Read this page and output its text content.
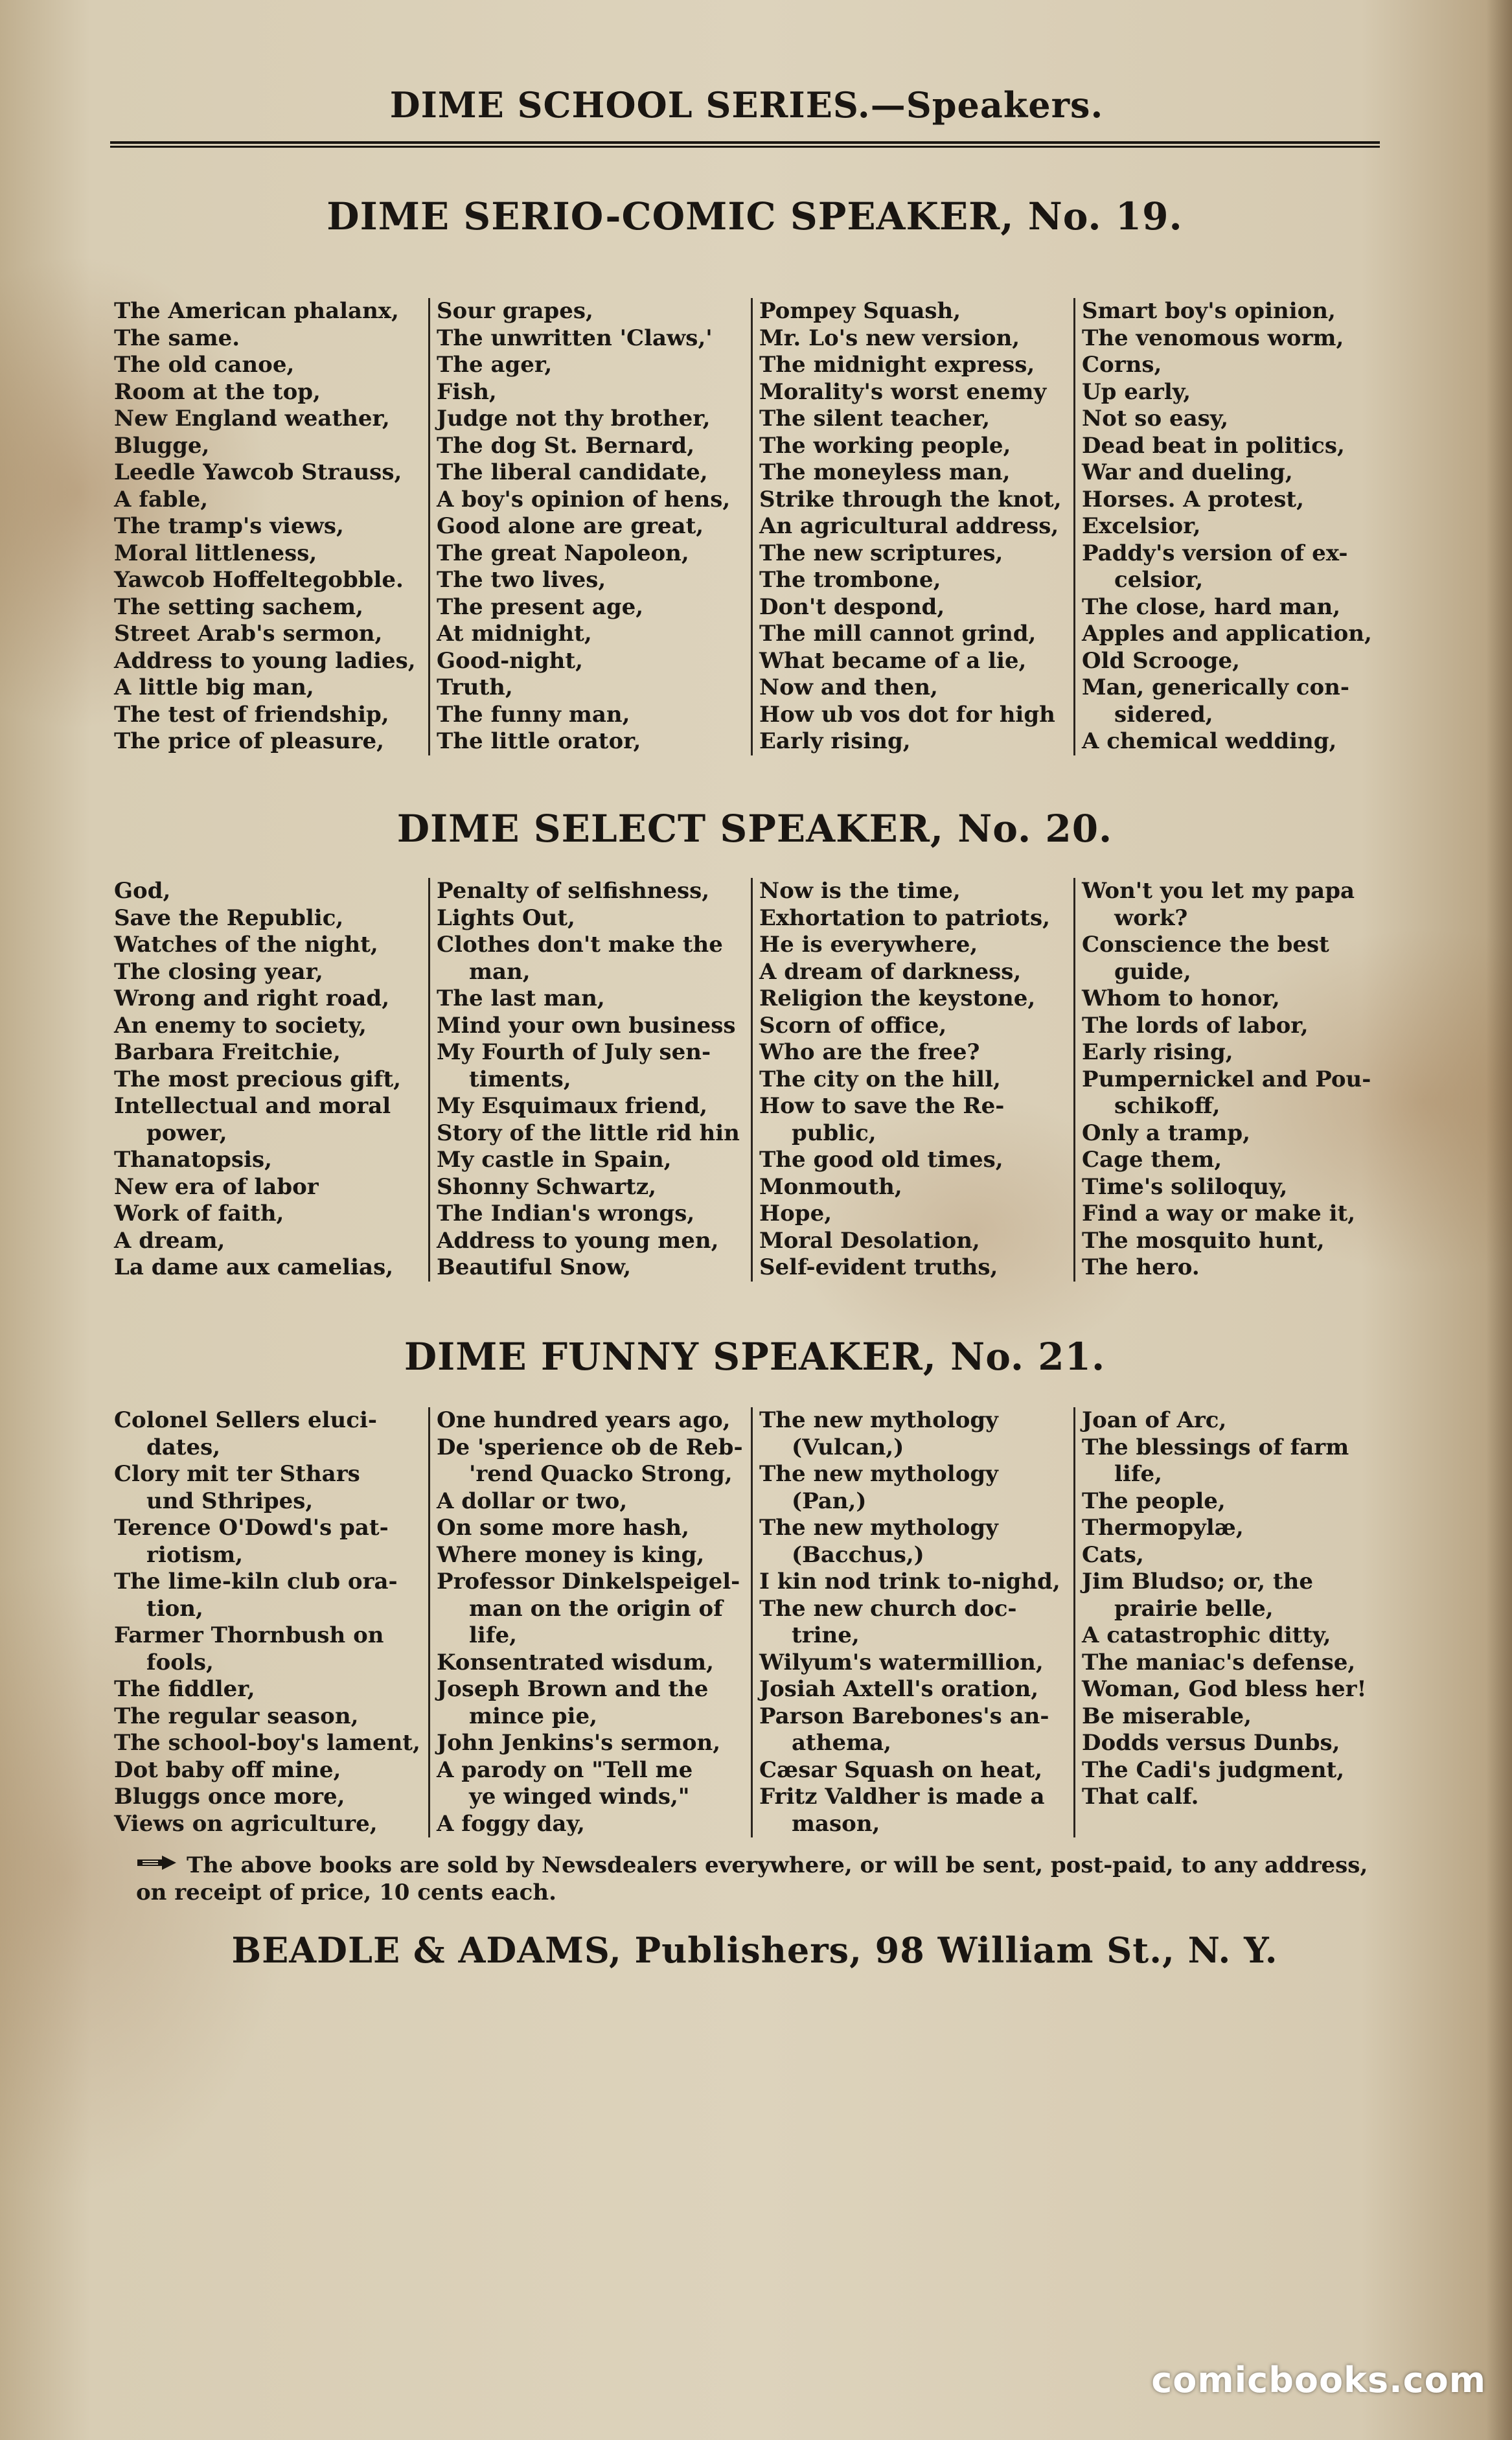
DIME SCHOOL SERIES.—Speakers.
DIME SERIO-COMIC SPEAKER, No. 19.
The American phalanx,
The same.
The old canoe,
Room at the top,
New England weather,
Blugge,
Leedle Yawcob Strauss,
A fable,
The tramp's views,
Moral littleness,
Yawcob Hoffeltegobble.
The setting sachem,
Street Arab's sermon,
Address to young ladies,
A little big man,
The test of friendship,
The price of pleasure,
Sour grapes,
The unwritten 'Claws,'
The ager,
Fish,
Judge not thy brother,
The dog St. Bernard,
The liberal candidate,
A boy's opinion of hens,
Good alone are great,
The great Napoleon,
The two lives,
The present age,
At midnight,
Good-night,
Truth,
The funny man,
The little orator,
Pompey Squash,
Mr. Lo's new version,
The midnight express,
Morality's worst enemy
The silent teacher,
The working people,
The moneyless man,
Strike through the knot,
An agricultural address,
The new scriptures,
The trombone,
Don't despond,
The mill cannot grind,
What became of a lie,
Now and then,
How ub vos dot for high
Early rising,
Smart boy's opinion,
The venomous worm,
Corns,
Up early,
Not so easy,
Dead beat in politics,
War and dueling,
Horses. A protest,
Excelsior,
Paddy's version of ex-
celsior,
The close, hard man,
Apples and application,
Old Scrooge,
Man, generically con-
sidered,
A chemical wedding,
DIME SELECT SPEAKER, No. 20.
God,
Save the Republic,
Watches of the night,
The closing year,
Wrong and right road,
An enemy to society,
Barbara Freitchie,
The most precious gift,
Intellectual and moral
power,
Thanatopsis,
New era of labor
Work of faith,
A dream,
La dame aux camelias,
Penalty of selfishness,
Lights Out,
Clothes don't make the
man,
The last man,
Mind your own business
My Fourth of July sen-
timents,
My Esquimaux friend,
Story of the little rid hin
My castle in Spain,
Shonny Schwartz,
The Indian's wrongs,
Address to young men,
Beautiful Snow,
Now is the time,
Exhortation to patriots,
He is everywhere,
A dream of darkness,
Religion the keystone,
Scorn of office,
Who are the free?
The city on the hill,
How to save the Re-
public,
The good old times,
Monmouth,
Hope,
Moral Desolation,
Self-evident truths,
Won't you let my papa
work?
Conscience the best
guide,
Whom to honor,
The lords of labor,
Early rising,
Pumpernickel and Pou-
schikoff,
Only a tramp,
Cage them,
Time's soliloquy,
Find a way or make it,
The mosquito hunt,
The hero.
DIME FUNNY SPEAKER, No. 21.
Colonel Sellers eluci-
dates,
Clory mit ter Sthars
und Sthripes,
Terence O'Dowd's pat-
riotism,
The lime-kiln club ora-
tion,
Farmer Thornbush on
fools,
The fiddler,
The regular season,
The school-boy's lament,
Dot baby off mine,
Bluggs once more,
Views on agriculture,
One hundred years ago,
De 'sperience ob de Reb-
'rend Quacko Strong,
A dollar or two,
On some more hash,
Where money is king,
Professor Dinkelspeigel-
man on the origin of
life,
Konsentrated wisdum,
Joseph Brown and the
mince pie,
John Jenkins's sermon,
A parody on "Tell me
ye winged winds,"
A foggy day,
The new mythology
(Vulcan,)
The new mythology
(Pan,)
The new mythology
(Bacchus,)
I kin nod trink to-nighd,
The new church doc-
trine,
Wilyum's watermillion,
Josiah Axtell's oration,
Parson Barebones's an-
athema,
Cæsar Squash on heat,
Fritz Valdher is made a
mason,
Joan of Arc,
The blessings of farm
life,
The people,
Thermopylæ,
Cats,
Jim Bludso; or, the
prairie belle,
A catastrophic ditty,
The maniac's defense,
Woman, God bless her!
Be miserable,
Dodds versus Dunbs,
The Cadi's judgment,
That calf.
The above books are sold by Newsdealers everywhere, or will be sent, post-paid, to any address, on receipt of price, 10 cents each.
BEADLE & ADAMS, Publishers, 98 William St., N. Y.
comicbooks.com
